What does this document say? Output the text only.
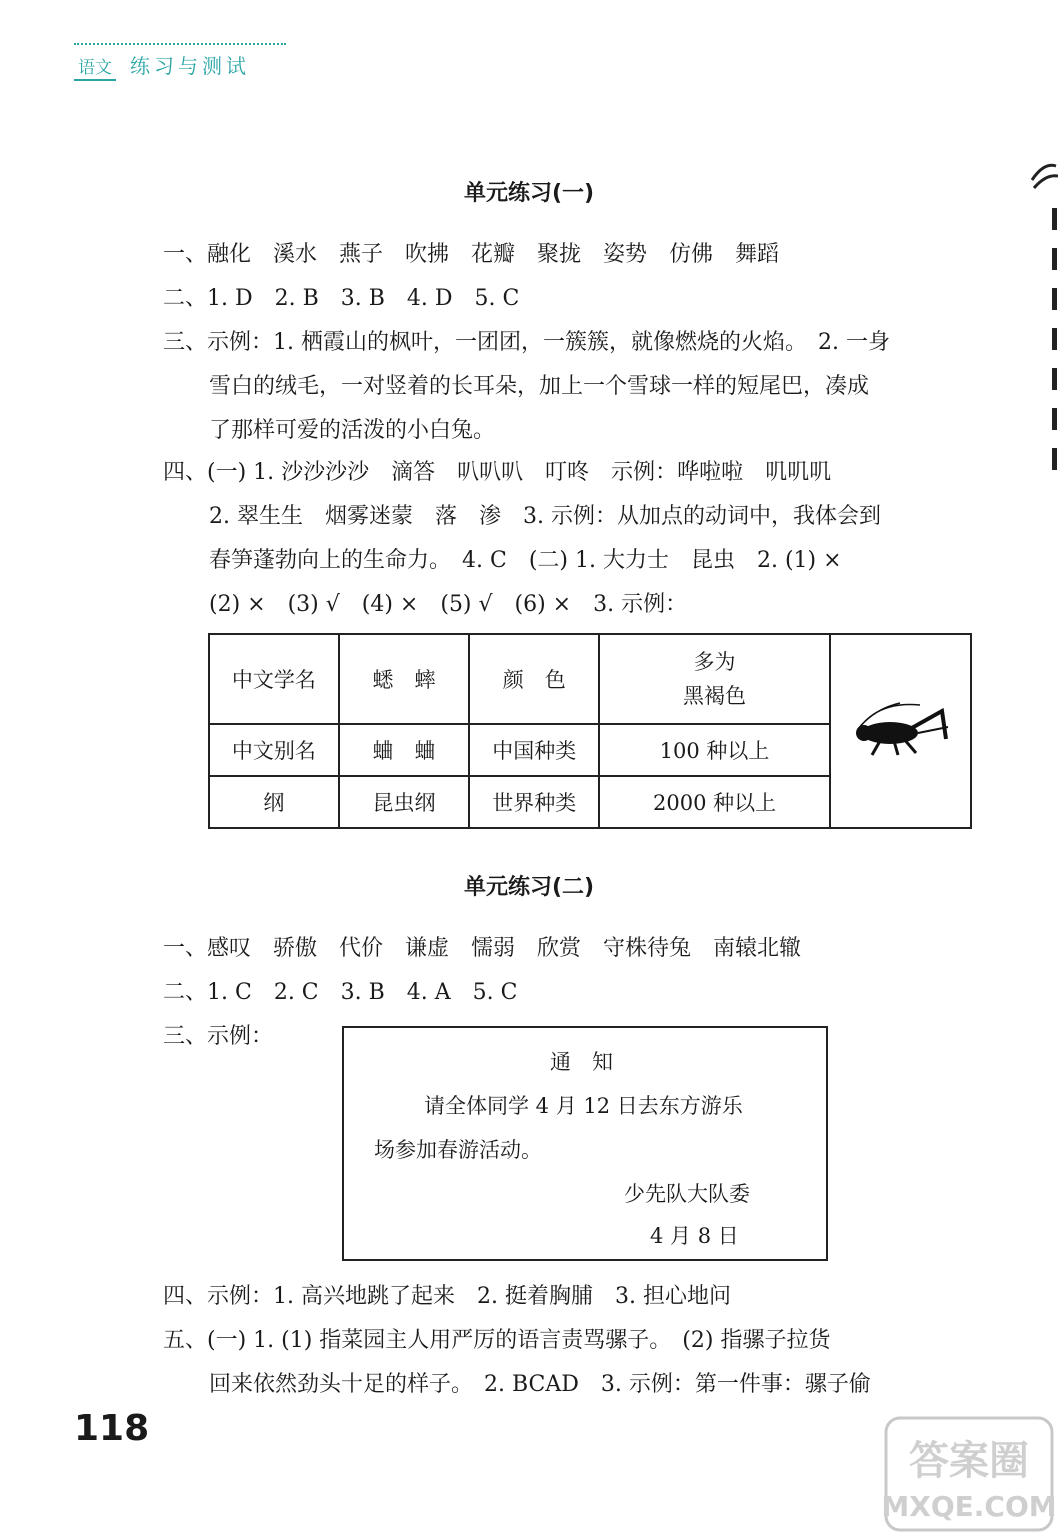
语文 练习与测试
单元练习(一)
一、融化　溪水　燕子　吹拂　花瓣　聚拢　姿势　仿佛　舞蹈
二、1. D　2. B　3. B　4. D　5. C
三、示例：1. 栖霞山的枫叶，一团团，一簇簇，就像燃烧的火焰。　2. 一身
雪白的绒毛，一对竖着的长耳朵，加上一个雪球一样的短尾巴，凑成
了那样可爱的活泼的小白兔。
四、(一) 1. 沙沙沙沙　滴答　叭叭叭　叮咚　示例：哗啦啦　叽叽叽
2. 翠生生　烟雾迷蒙　落　渗　3. 示例：从加点的动词中，我体会到
春笋蓬勃向上的生命力。　4. C　(二) 1. 大力士　昆虫　2. (1) ×
(2) ×　(3) √　(4) ×　(5) √　(6) ×　3. 示例：
中文学名	蟋　蟀	颜　色	多为
黑褐色	
中文别名	蛐　蛐	中国种类	100 种以上	
纲	昆虫纲	世界种类	2000 种以上	
单元练习(二)
一、感叹　骄傲　代价　谦虚　懦弱　欣赏　守株待兔　南辕北辙
二、1. C　2. C　3. B　4. A　5. C
三、示例：
通　知
请全体同学 4 月 12 日去东方游乐
场参加春游活动。
少先队大队委
4 月 8 日
四、示例：1. 高兴地跳了起来　2. 挺着胸脯　3. 担心地问
五、(一) 1. (1) 指菜园主人用严厉的语言责骂骡子。　(2) 指骡子拉货
回来依然劲头十足的样子。　2. BCAD　3. 示例：第一件事：骡子偷
118
答案圈
MXQE.COM
